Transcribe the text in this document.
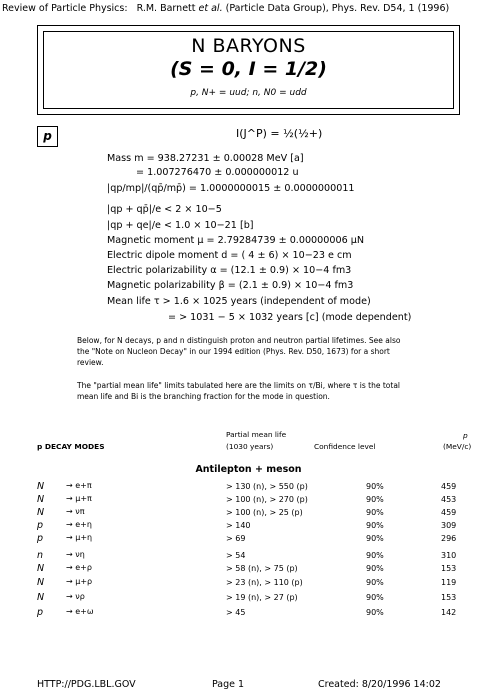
Review of Particle Physics: R.M. Barnett et al. (Particle Data Group), Phys. Rev. D54, 1 (1996)
N BARYONS
(S = 0, I = 1/2)
p, N+ = uud; n, N0 = udd
p	I(J^P) = ½(½+)
Mass m = 938.27231 ± 0.00028 MeV [a]
= 1.007276470 ± 0.000000012 u
|qp/mp|/(qp̄/mp̄) = 1.0000000015 ± 0.0000000011
|qp + qp̄|/e < 2 × 10−5
|qp + qe|/e < 1.0 × 10−21 [b]
Magnetic moment μ = 2.79284739 ± 0.00000006 μN
Electric dipole moment d = ( 4 ± 6) × 10−23 e cm
Electric polarizability α = (12.1 ± 0.9) × 10−4 fm3
Magnetic polarizability β = (2.1 ± 0.9) × 10−4 fm3
Mean life τ > 1.6 × 1025 years (independent of mode)
= > 1031 − 5 × 1032 years [c] (mode dependent)
Below, for N decays, p and n distinguish proton and neutron partial lifetimes. See also the "Note on Nucleon Decay" in our 1994 edition (Phys. Rev. D50, 1673) for a short review.
The "partial mean life" limits tabulated here are the limits on τ/Bi, where τ is the total mean life and Bi is the branching fraction for the mode in question.
p DECAY MODES
Partial mean life
(1030 years)	Confidence level
p
(MeV/c)
Antilepton + meson
N	→ e+π	> 130 (n), > 550 (p)	90%	459
N	→ μ+π	> 100 (n), > 270 (p)	90%	453
N	→ νπ	> 100 (n), > 25 (p)	90%	459
p	→ e+η	> 140	90%	309
p	→ μ+η	> 69	90%	296
n	→ νη	> 54	90%	310
N	→ e+ρ	> 58 (n), > 75 (p)	90%	153
N	→ μ+ρ	> 23 (n), > 110 (p)	90%	119
N	→ νρ	> 19 (n), > 27 (p)	90%	153
p	→ e+ω	> 45	90%	142
HTTP://PDG.LBL.GOV	Page 1	Created: 8/20/1996 14:02
